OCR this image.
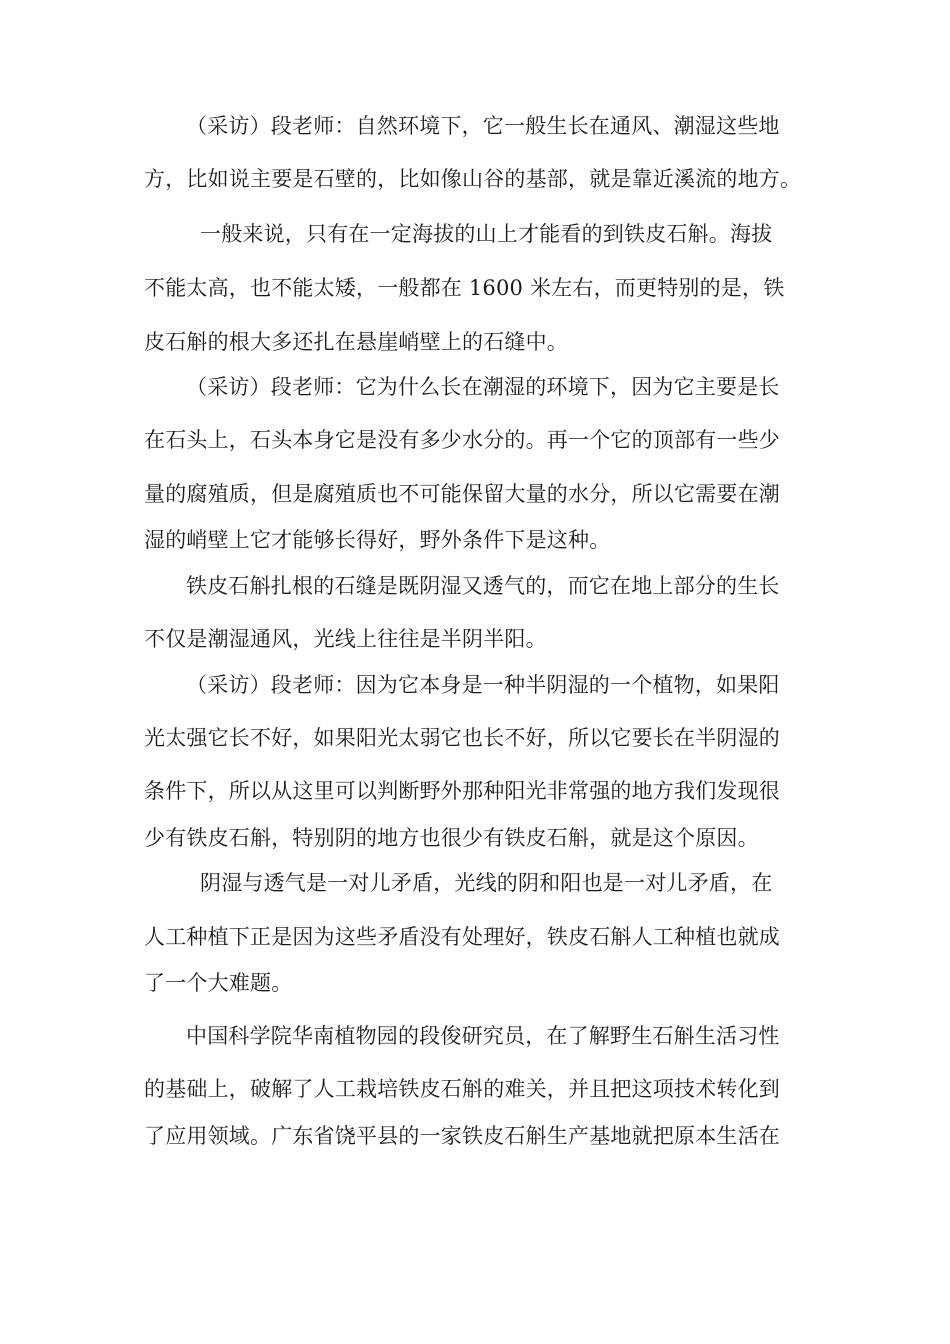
（采访）段老师：自然环境下，它一般生长在通风、潮湿这些地
方，比如说主要是石壁的，比如像山谷的基部，就是靠近溪流的地方。
一般来说，只有在一定海拔的山上才能看的到铁皮石斛。海拔
不能太高，也不能太矮，一般都在 1600 米左右，而更特别的是，铁
皮石斛的根大多还扎在悬崖峭壁上的石缝中。
（采访）段老师：它为什么长在潮湿的环境下，因为它主要是长
在石头上，石头本身它是没有多少水分的。再一个它的顶部有一些少
量的腐殖质，但是腐殖质也不可能保留大量的水分，所以它需要在潮
湿的峭壁上它才能够长得好，野外条件下是这种。
铁皮石斛扎根的石缝是既阴湿又透气的，而它在地上部分的生长
不仅是潮湿通风，光线上往往是半阴半阳。
（采访）段老师：因为它本身是一种半阴湿的一个植物，如果阳
光太强它长不好，如果阳光太弱它也长不好，所以它要长在半阴湿的
条件下，所以从这里可以判断野外那种阳光非常强的地方我们发现很
少有铁皮石斛，特别阴的地方也很少有铁皮石斛，就是这个原因。
阴湿与透气是一对儿矛盾，光线的阴和阳也是一对儿矛盾，在
人工种植下正是因为这些矛盾没有处理好，铁皮石斛人工种植也就成
了一个大难题。
中国科学院华南植物园的段俊研究员，在了解野生石斛生活习性
的基础上，破解了人工栽培铁皮石斛的难关，并且把这项技术转化到
了应用领域。广东省饶平县的一家铁皮石斛生产基地就把原本生活在
